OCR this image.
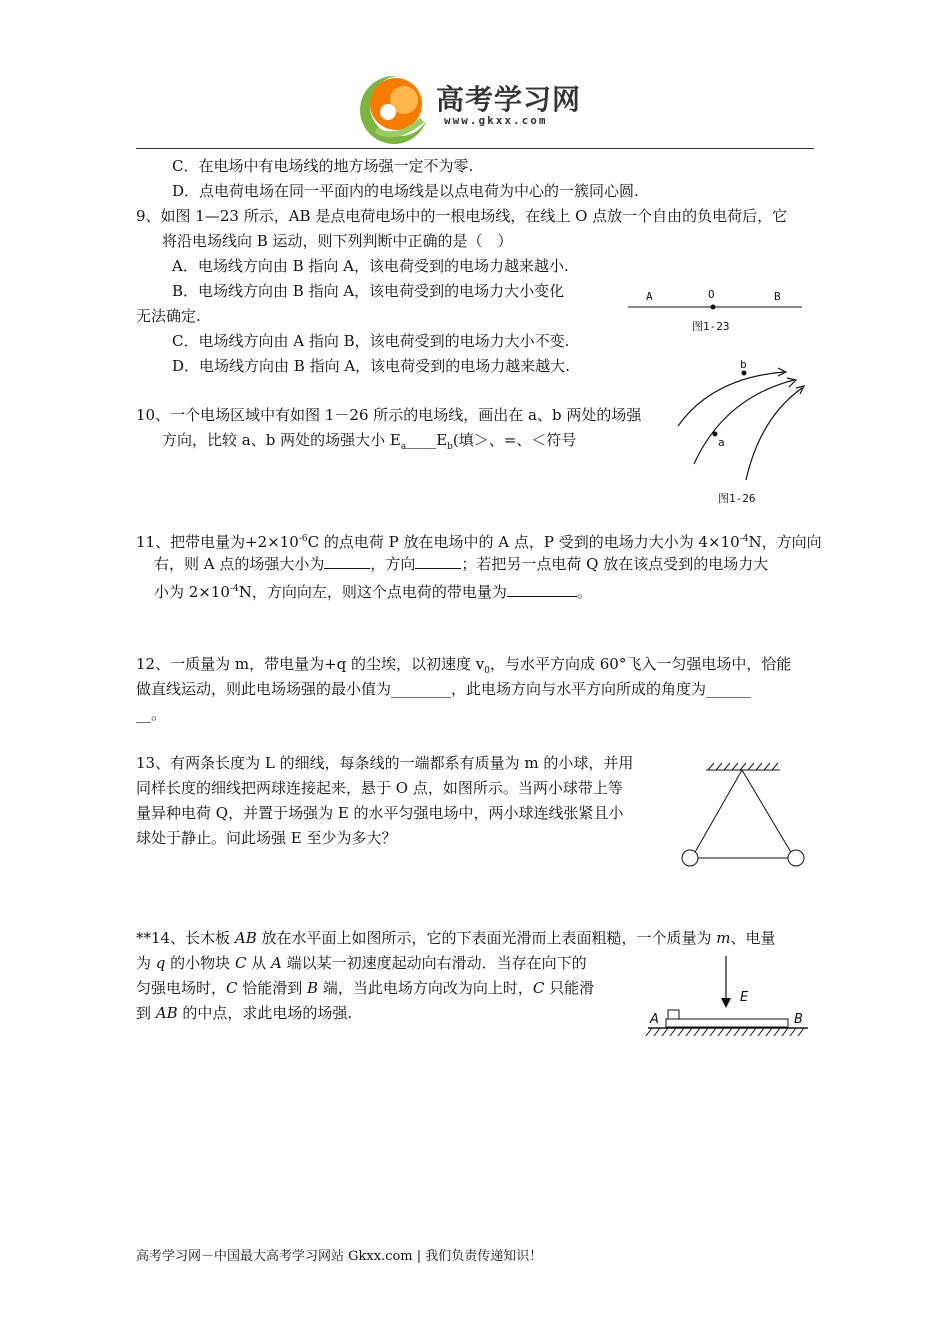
高考学习网
www.gkxx.com
C．在电场中有电场线的地方场强一定不为零.
D．点电荷电场在同一平面内的电场线是以点电荷为中心的一簇同心圆.
9、如图 1—23 所示，AB 是点电荷电场中的一根电场线，在线上 O 点放一个自由的负电荷后，它
将沿电场线向 B 运动，则下列判断中正确的是（　）
A．电场线方向由 B 指向 A，该电荷受到的电场力越来越小.
B．电场线方向由 B 指向 A，该电荷受到的电场力大小变化
无法确定.
C．电场线方向由 A 指向 B，该电荷受到的电场力大小不变.
D．电场线方向由 B 指向 A，该电荷受到的电场力越来越大.
A	O	B
图1-23
10、一个电场区域中有如图 1－26 所示的电场线，画出在 a、b 两处的场强
方向，比较 a、b 两处的场强大小 $E_a\_\_\_\_E_b$(填＞、=、＜符号
b
a
图1-26
11、把带电量为$+2\times 10^{-6}C$ 的点电荷 P 放在电场中的 A 点，P 受到的电场力大小为 $4\times 10^{-4}N$，方向向
右，则 A 点的场强大小为	，方向	；若把另一点电荷 Q 放在该点受到的电场力大
小为 $2\times 10^{-4}N$，方向向左，则这个点电荷的带电量为	。
12、一质量为 m，带电量为+q 的尘埃，以初速度 $v_0$，与水平方向成 60°飞入一匀强电场中，恰能
做直线运动，则此电场场强的最小值为________，此电场方向与水平方向所成的角度为______
__。
13、有两条长度为 L 的细线，每条线的一端都系有质量为 m 的小球，并用
同样长度的细线把两球连接起来，悬于 O 点，如图所示。当两小球带上等
量异种电荷 Q，并置于场强为 E 的水平匀强电场中，两小球连线张紧且小
球处于静止。问此场强 E 至少为多大？
**14、长木板 AB 放在水平面上如图所示，它的下表面光滑而上表面粗糙，一个质量为 m、电量
为 q 的小物块 C 从 A 端以某一初速度起动向右滑动．当存在向下的
匀强电场时，C 恰能滑到 B 端，当此电场方向改为向上时，C 只能滑
到 AB 的中点，求此电场的场强.
E
A	B
高考学习网－中国最大高考学习网站 Gkxx.com | 我们负责传递知识！
